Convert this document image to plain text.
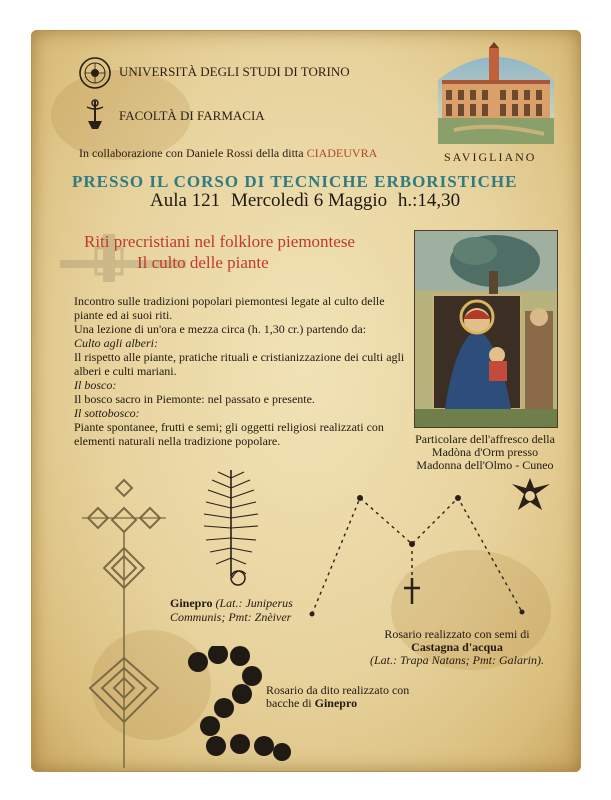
UNIVERSITÀ DEGLI STUDI DI TORINO
FACOLTÀ DI FARMACIA
In collaborazione con Daniele Rossi della ditta CIADEUVRA	SAVIGLIANO
PRESSO IL CORSO DI TECNICHE ERBORISTICHE
Aula 121 Mercoledì 6 Maggio h.:14,30
Riti precristiani nel folklore piemontese
Il culto delle piante

Incontro sulle tradizioni popolari piemontesi legate al culto delle piante ed ai suoi riti.

Una lezione di un'ora e mezza circa (h. 1,30 cr.) partendo da:

Culto agli alberi:

Il rispetto alle piante, pratiche rituali e cristianizzazione dei culti agli alberi e culti mariani.

Il bosco:

Il bosco sacro in Piemonte: nel passato e presente.

Il sottobosco:

Piante spontanee, frutti e semi; gli oggetti religiosi realizzati con elementi naturali nella tradizione popolare.	Particolare dell'affresco della Madòna d'Orm presso Madonna dell'Olmo - Cuneo
Ginepro (Lat.: Juniperus Communis; Pmt: Znèiver
Rosario realizzato con semi di
Castagna d'acqua
(Lat.: Trapa Natans; Pmt: Galarin).
Rosario da dito realizzato con bacche di Ginepro
